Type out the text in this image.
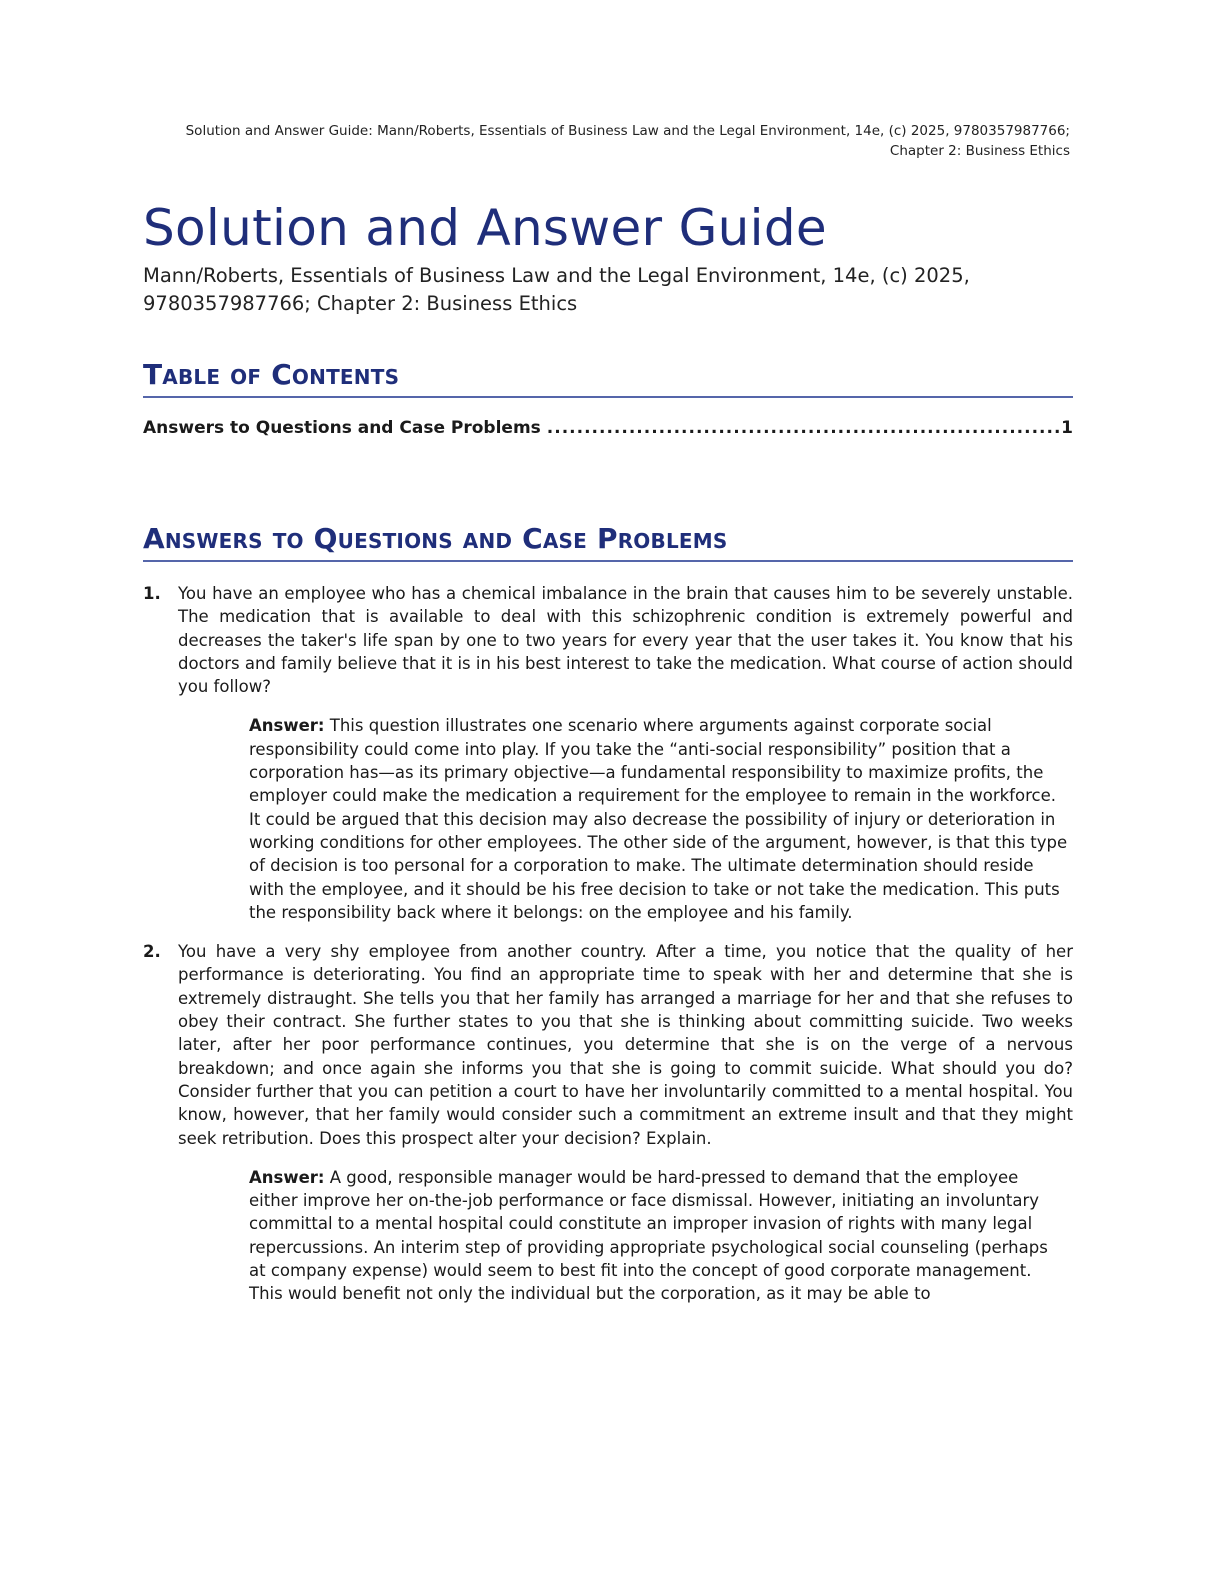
Solution and Answer Guide: Mann/Roberts, Essentials of Business Law and the Legal Environment, 14e, (c) 2025, 9780357987766;
Chapter 2: Business Ethics
Solution and Answer Guide

Mann/Roberts, Essentials of Business Law and the Legal Environment, 14e, (c) 2025, 9780357987766; Chapter 2: Business Ethics

Table of Contents
Answers to Questions and Case Problems
.....	1
Answers to Questions and Case Problems

1. You have an employee who has a chemical imbalance in the brain that causes him to be severely unstable. The medication that is available to deal with this schizophrenic condition is extremely powerful and decreases the taker's life span by one to two years for every year that the user takes it. You know that his doctors and family believe that it is in his best interest to take the medication. What course of action should you follow?

Answer: This question illustrates one scenario where arguments against corporate social responsibility could come into play. If you take the “anti-social responsibility” position that a corporation has—as its primary objective—a fundamental responsibility to maximize profits, the employer could make the medication a requirement for the employee to remain in the workforce. It could be argued that this decision may also decrease the possibility of injury or deterioration in working conditions for other employees. The other side of the argument, however, is that this type of decision is too personal for a corporation to make. The ultimate determination should reside with the employee, and it should be his free decision to take or not take the medication. This puts the responsibility back where it belongs: on the employee and his family.

2. You have a very shy employee from another country. After a time, you notice that the quality of her performance is deteriorating. You find an appropriate time to speak with her and determine that she is extremely distraught. She tells you that her family has arranged a marriage for her and that she refuses to obey their contract. She further states to you that she is thinking about committing suicide. Two weeks later, after her poor performance continues, you determine that she is on the verge of a nervous breakdown; and once again she informs you that she is going to commit suicide. What should you do? Consider further that you can petition a court to have her involuntarily committed to a mental hospital. You know, however, that her family would consider such a commitment an extreme insult and that they might seek retribution. Does this prospect alter your decision? Explain.

Answer: A good, responsible manager would be hard-pressed to demand that the employee either improve her on-the-job performance or face dismissal. However, initiating an involuntary committal to a mental hospital could constitute an improper invasion of rights with many legal repercussions. An interim step of providing appropriate psychological social counseling (perhaps at company expense) would seem to best fit into the concept of good corporate management. This would benefit not only the individual but the corporation, as it may be able to
